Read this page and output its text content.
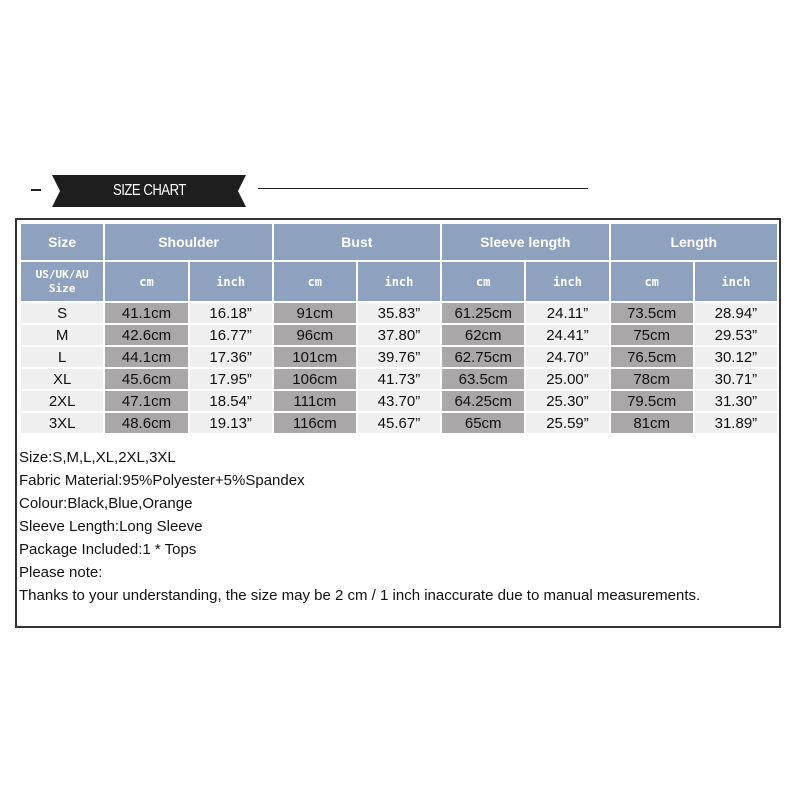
SIZE CHART
Size	Shoulder		Bust		Sleeve length		Length	
US/UK/AU
Size	cm	inch	cm	inch	cm	inch	cm	inch
S	41.1cm	16.18”	91cm	35.83”	61.25cm	24.11”	73.5cm	28.94”
M	42.6cm	16.77”	96cm	37.80”	62cm	24.41”	75cm	29.53”
L	44.1cm	17.36”	101cm	39.76”	62.75cm	24.70”	76.5cm	30.12”
XL	45.6cm	17.95”	106cm	41.73”	63.5cm	25.00”	78cm	30.71”
2XL	47.1cm	18.54”	111cm	43.70”	64.25cm	25.30”	79.5cm	31.30”
3XL	48.6cm	19.13”	116cm	45.67”	65cm	25.59”	81cm	31.89”
Size:S,M,L,XL,2XL,3XL
Fabric Material:95%Polyester+5%Spandex
Colour:Black,Blue,Orange
Sleeve Length:Long Sleeve
Package Included:1 * Tops
Please note:
Thanks to your understanding, the size may be 2 cm / 1 inch inaccurate due to manual measurements.
